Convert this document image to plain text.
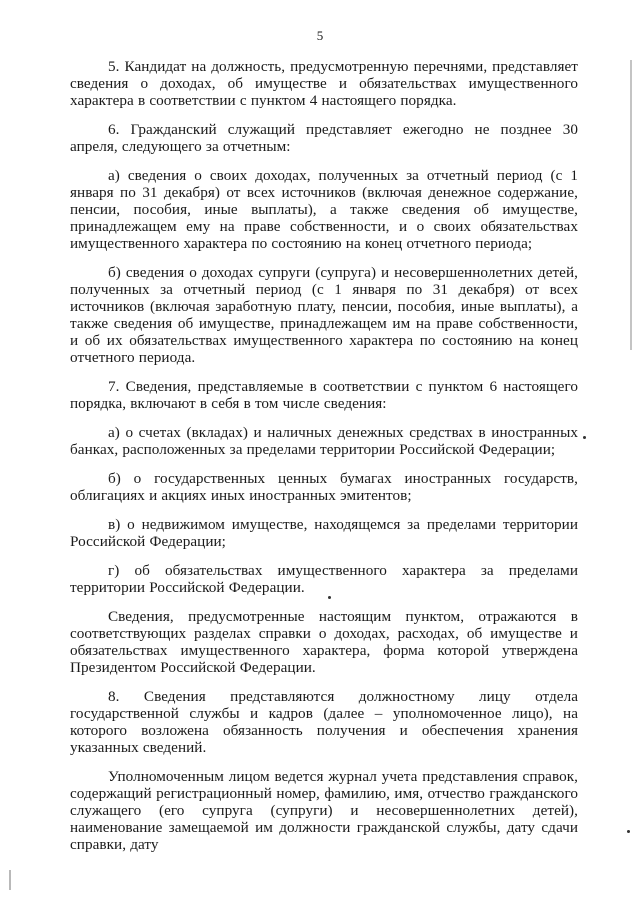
5

5. Кандидат на должность, предусмотренную перечнями, представляет сведения о доходах, об имуществе и обязательствах имущественного характера в соответствии с пунктом 4 настоящего порядка.

6. Гражданский служащий представляет ежегодно не позднее 30 апреля, следующего за отчетным:

а) сведения о своих доходах, полученных за отчетный период (с 1 января по 31 декабря) от всех источников (включая денежное содержание, пенсии, пособия, иные выплаты), а также сведения об имуществе, принадлежащем ему на праве собственности, и о своих обязательствах имущественного характера по состоянию на конец отчетного периода;

б) сведения о доходах супруги (супруга) и несовершеннолетних детей, полученных за отчетный период (с 1 января по 31 декабря) от всех источников (включая заработную плату, пенсии, пособия, иные выплаты), а также сведения об имуществе, принадлежащем им на праве собственности, и об их обязательствах имущественного характера по состоянию на конец отчетного периода.

7. Сведения, представляемые в соответствии с пунктом 6 настоящего порядка, включают в себя в том числе сведения:

а) о счетах (вкладах) и наличных денежных средствах в иностранных банках, расположенных за пределами территории Российской Федерации;

б) о государственных ценных бумагах иностранных государств, облигациях и акциях иных иностранных эмитентов;

в) о недвижимом имуществе, находящемся за пределами территории Российской Федерации;

г) об обязательствах имущественного характера за пределами территории Российской Федерации.

Сведения, предусмотренные настоящим пунктом, отражаются в соответствующих разделах справки о доходах, расходах, об имуществе и обязательствах имущественного характера, форма которой утверждена Президентом Российской Федерации.

8. Сведения представляются должностному лицу отдела государственной службы и кадров (далее – уполномоченное лицо), на которого возложена обязанность получения и обеспечения хранения указанных сведений.

Уполномоченным лицом ведется журнал учета представления справок, содержащий регистрационный номер, фамилию, имя, отчество гражданского служащего (его супруга (супруги) и несовершеннолетних детей), наименование замещаемой им должности гражданской службы, дату сдачи справки, дату
